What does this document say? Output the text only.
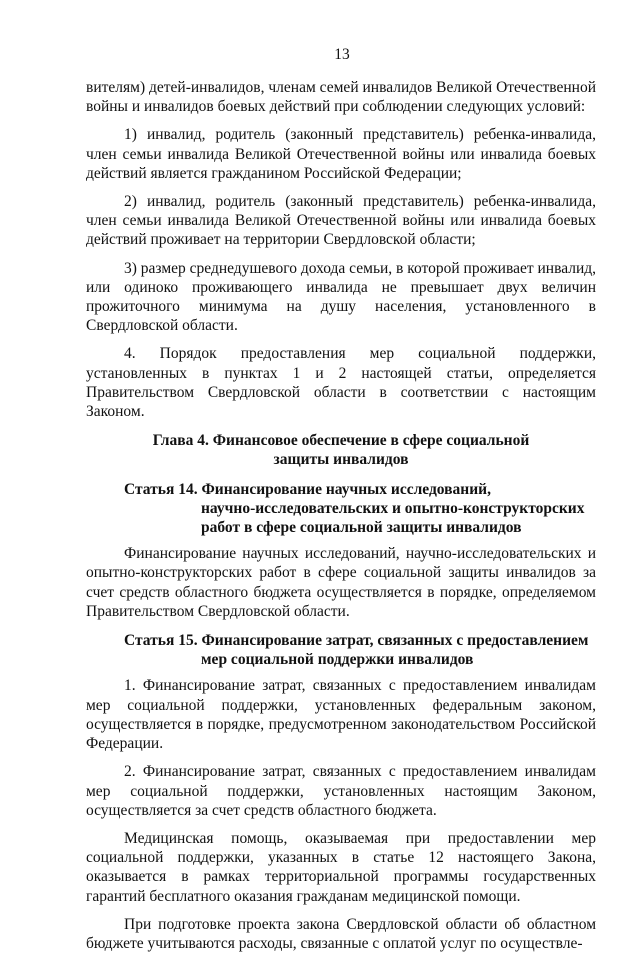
13

вителям) детей-инвалидов, членам семей инвалидов Великой Отечественной войны и инвалидов боевых действий при соблюдении следующих условий:

1) инвалид, родитель (законный представитель) ребенка-инвалида, член семьи инвалида Великой Отечественной войны или инвалида боевых действий является гражданином Российской Федерации;

2) инвалид, родитель (законный представитель) ребенка-инвалида, член семьи инвалида Великой Отечественной войны или инвалида боевых действий проживает на территории Свердловской области;

3) размер среднедушевого дохода семьи, в которой проживает инвалид, или одиноко проживающего инвалида не превышает двух величин прожиточного минимума на душу населения, установленного в Свердловской области.

4. Порядок предоставления мер социальной поддержки, установленных в пунктах 1 и 2 настоящей статьи, определяется Правительством Свердловской области в соответствии с настоящим Законом.

Глава 4. Финансовое обеспечение в сфере социальной
защиты инвалидов
Статья 14. Финансирование научных исследований,
научно-исследовательских и опытно-конструкторских
работ в сфере социальной защиты инвалидов

Финансирование научных исследований, научно-исследовательских и опытно-конструкторских работ в сфере социальной защиты инвалидов за счет средств областного бюджета осуществляется в порядке, определяемом Правительством Свердловской области.

Статья 15. Финансирование затрат, связанных с предоставлением
мер социальной поддержки инвалидов

1. Финансирование затрат, связанных с предоставлением инвалидам мер социальной поддержки, установленных федеральным законом, осуществляется в порядке, предусмотренном законодательством Российской Федерации.

2. Финансирование затрат, связанных с предоставлением инвалидам мер социальной поддержки, установленных настоящим Законом, осуществляется за счет средств областного бюджета.

Медицинская помощь, оказываемая при предоставлении мер социальной поддержки, указанных в статье 12 настоящего Закона, оказывается в рамках территориальной программы государственных гарантий бесплатного оказания гражданам медицинской помощи.

При подготовке проекта закона Свердловской области об областном бюджете учитываются расходы, связанные с оплатой услуг по осуществле-
